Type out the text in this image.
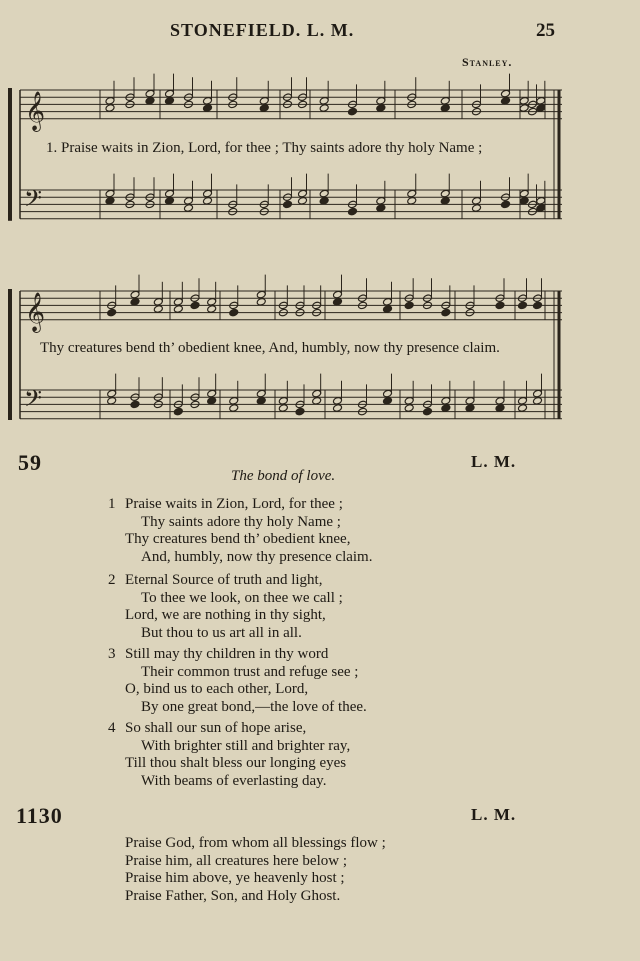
STONEFIELD. L. M.	25
Stanley.
𝄞
𝄢
𝄞
𝄢
1. Praise waits in Zion, Lord, for thee ; Thy saints adore thy holy Name ;
Thy creatures bend th’ obedient knee, And, humbly, now thy presence claim.
59	L. M.
The bond of love.
1 Praise waits in Zion, Lord, for thee ;
Thy saints adore thy holy Name ;
Thy creatures bend th’ obedient knee,
And, humbly, now thy presence claim.
2 Eternal Source of truth and light,
To thee we look, on thee we call ;
Lord, we are nothing in thy sight,
But thou to us art all in all.
3 Still may thy children in thy word
Their common trust and refuge see ;
O, bind us to each other, Lord,
By one great bond,—the love of thee.
4 So shall our sun of hope arise,
With brighter still and brighter ray,
Till thou shalt bless our longing eyes
With beams of everlasting day.
1130	L. M.
Praise God, from whom all blessings flow ;
Praise him, all creatures here below ;
Praise him above, ye heavenly host ;
Praise Father, Son, and Holy Ghost.
